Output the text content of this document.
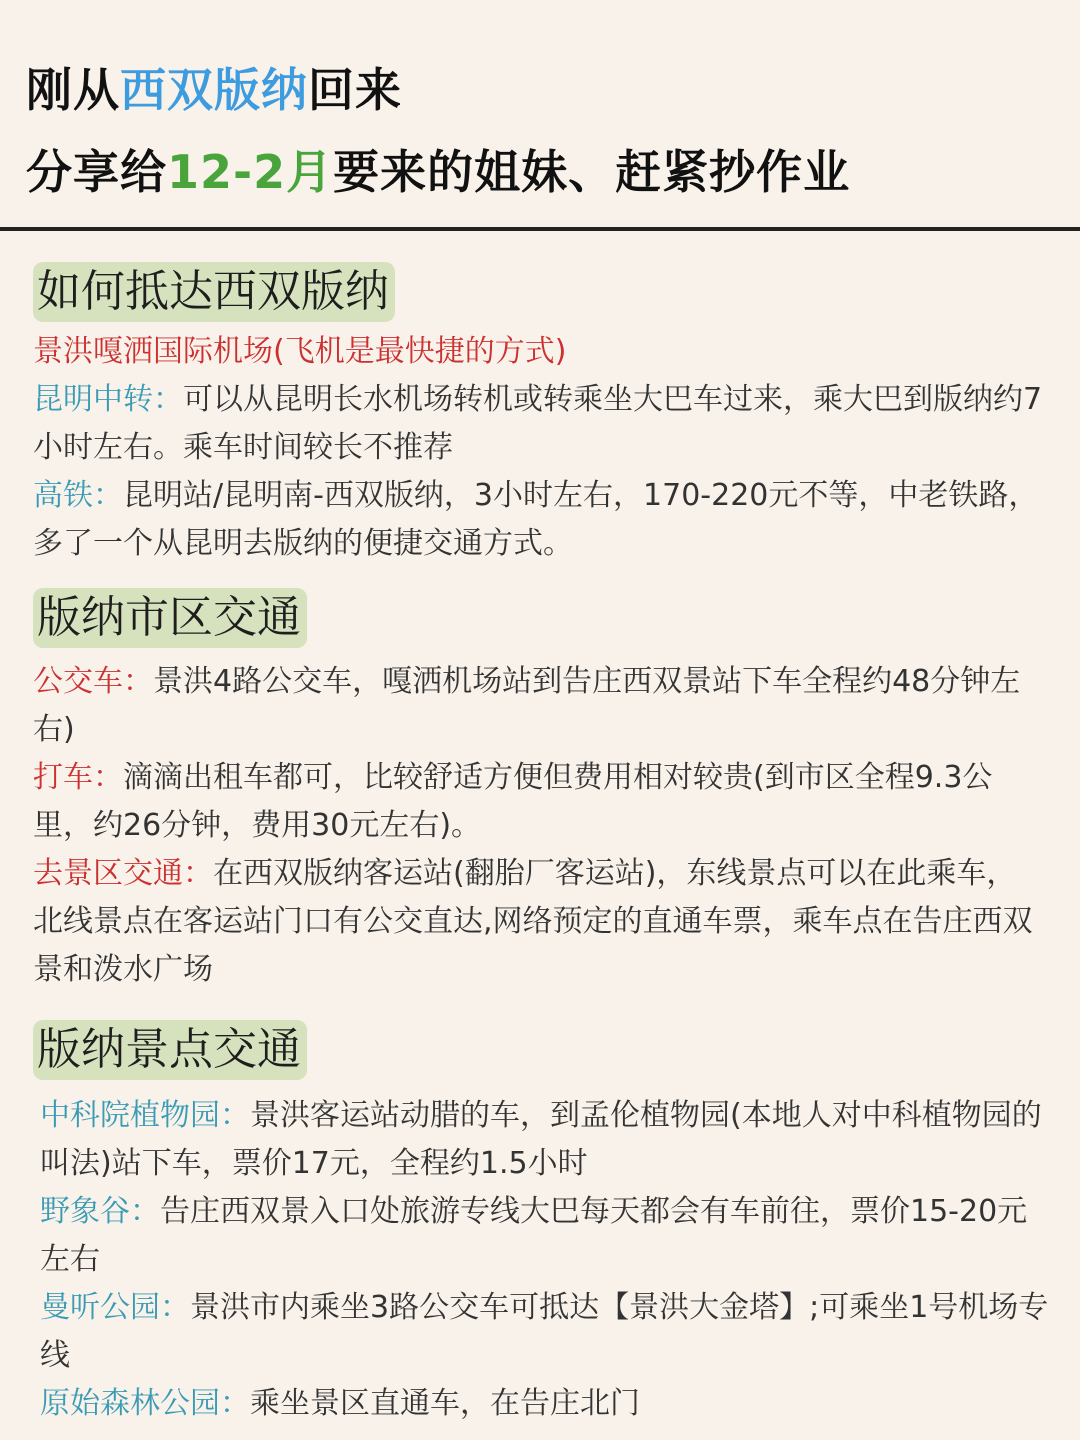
刚从西双版纳回来
分享给12-2月要来的姐妹、赶紧抄作业
如何抵达西双版纳

景洪嘎洒国际机场(飞机是最快捷的方式)

昆明中转：可以从昆明长水机场转机或转乘坐大巴车过来，乘大巴到版纳约7小时左右。乘车时间较长不推荐

高铁：昆明站/昆明南-西双版纳，3小时左右，170-220元不等，中老铁路，多了一个从昆明去版纳的便捷交通方式。

版纳市区交通

公交车：景洪4路公交车，嘎洒机场站到告庄西双景站下车全程约48分钟左右)

打车：滴滴出租车都可，比较舒适方便但费用相对较贵(到市区全程9.3公里，约26分钟，费用30元左右)。

去景区交通：在西双版纳客运站(翻胎厂客运站)，东线景点可以在此乘车，北线景点在客运站门口有公交直达,网络预定的直通车票，乘车点在告庄西双景和泼水广场

版纳景点交通

中科院植物园：景洪客运站动腊的车，到孟伦植物园(本地人对中科植物园的叫法)站下车，票价17元，全程约1.5小时

野象谷：告庄西双景入口处旅游专线大巴每天都会有车前往，票价15-20元左右

曼听公园：景洪市内乘坐3路公交车可抵达【景洪大金塔】;可乘坐1号机场专线

原始森林公园：乘坐景区直通车，在告庄北门
